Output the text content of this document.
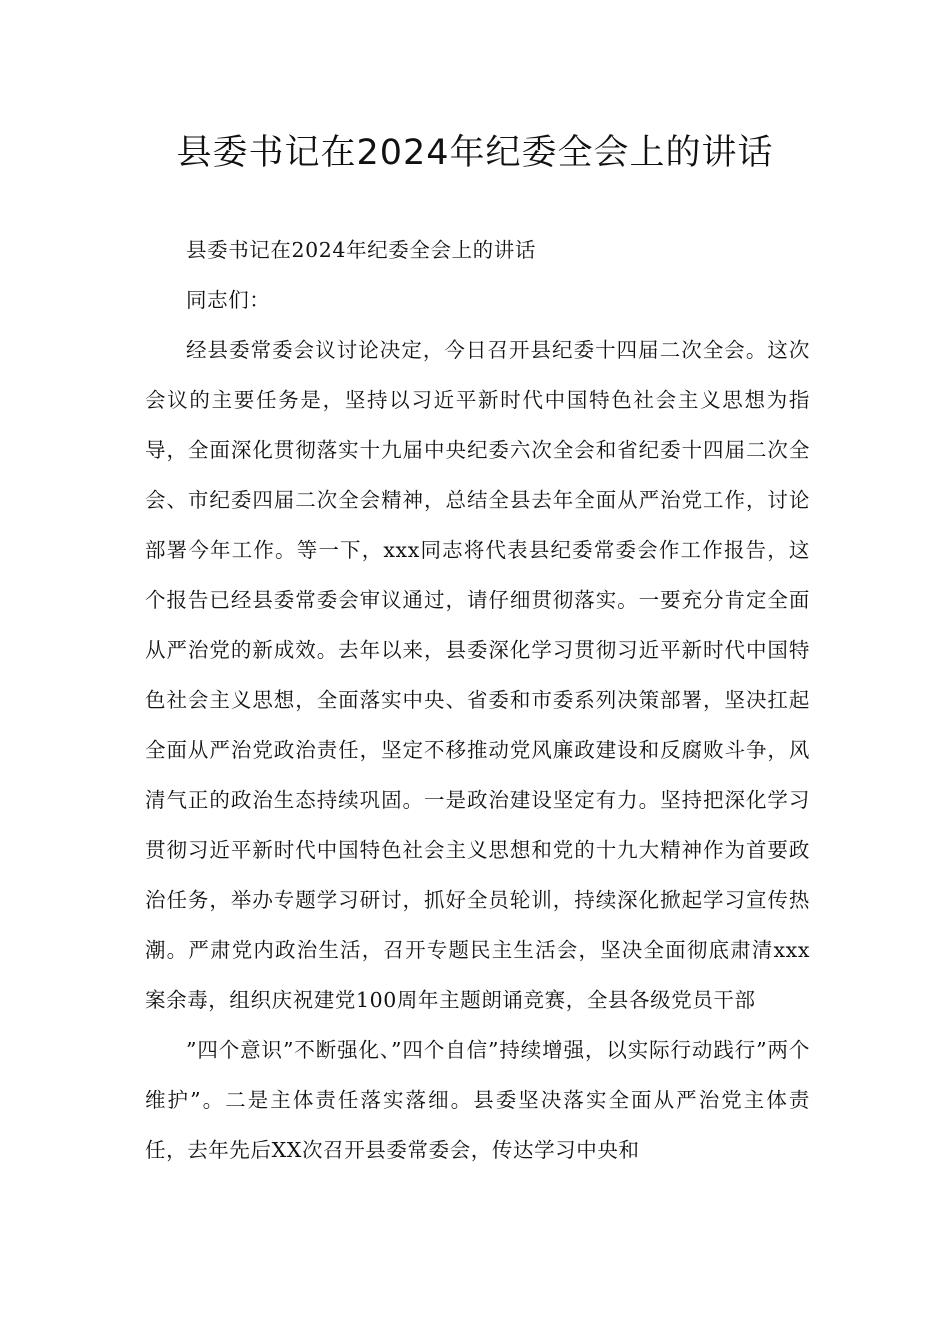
县委书记在2024年纪委全会上的讲话

县委书记在2024年纪委全会上的讲话

同志们：

经县委常委会议讨论决定，今日召开县纪委十四届二次全会。这次会议的主要任务是，坚持以习近平新时代中国特色社会主义思想为指导，全面深化贯彻落实十九届中央纪委六次全会和省纪委十四届二次全会、市纪委四届二次全会精神，总结全县去年全面从严治党工作，讨论部署今年工作。等一下，xxx同志将代表县纪委常委会作工作报告，这个报告已经县委常委会审议通过，请仔细贯彻落实。一要充分肯定全面从严治党的新成效。去年以来，县委深化学习贯彻习近平新时代中国特色社会主义思想，全面落实中央、省委和市委系列决策部署，坚决扛起全面从严治党政治责任，坚定不移推动党风廉政建设和反腐败斗争，风清气正的政治生态持续巩固。一是政治建设坚定有力。坚持把深化学习贯彻习近平新时代中国特色社会主义思想和党的十九大精神作为首要政治任务，举办专题学习研讨，抓好全员轮训，持续深化掀起学习宣传热潮。严肃党内政治生活，召开专题民主生活会，坚决全面彻底肃清xxx案余毒，组织庆祝建党100周年主题朗诵竞赛，全县各级党员干部

”四个意识”不断强化、”四个自信”持续增强，以实际行动践行”两个维护”。二是主体责任落实落细。县委坚决落实全面从严治党主体责任，去年先后XX次召开县委常委会，传达学习中央和
